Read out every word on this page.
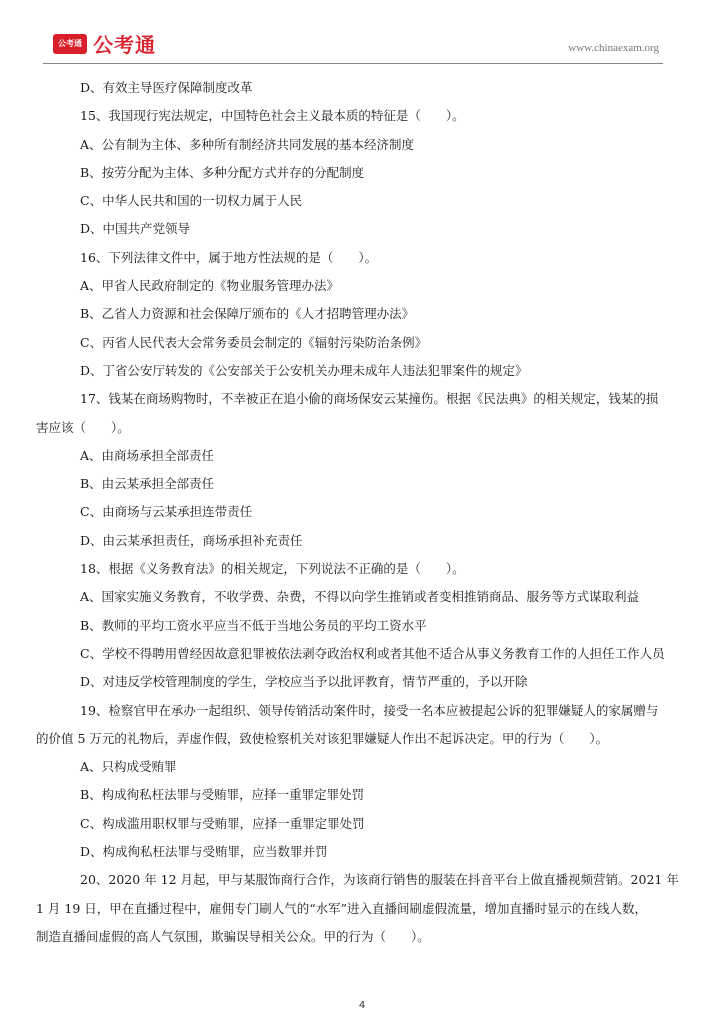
公考通 公考通	www.chinaexam.org
D、有效主导医疗保障制度改革
15、我国现行宪法规定，中国特色社会主义最本质的特征是（　　）。
A、公有制为主体、多种所有制经济共同发展的基本经济制度
B、按劳分配为主体、多种分配方式并存的分配制度
C、中华人民共和国的一切权力属于人民
D、中国共产党领导
16、下列法律文件中，属于地方性法规的是（　　）。
A、甲省人民政府制定的《物业服务管理办法》
B、乙省人力资源和社会保障厅颁布的《人才招聘管理办法》
C、丙省人民代表大会常务委员会制定的《辐射污染防治条例》
D、丁省公安厅转发的《公安部关于公安机关办理未成年人违法犯罪案件的规定》
17、钱某在商场购物时，不幸被正在追小偷的商场保安云某撞伤。根据《民法典》的相关规定，钱某的损
害应该（　　）。
A、由商场承担全部责任
B、由云某承担全部责任
C、由商场与云某承担连带责任
D、由云某承担责任，商场承担补充责任
18、根据《义务教育法》的相关规定，下列说法不正确的是（　　）。
A、国家实施义务教育，不收学费、杂费，不得以向学生推销或者变相推销商品、服务等方式谋取利益
B、教师的平均工资水平应当不低于当地公务员的平均工资水平
C、学校不得聘用曾经因故意犯罪被依法剥夺政治权利或者其他不适合从事义务教育工作的人担任工作人员
D、对违反学校管理制度的学生，学校应当予以批评教育，情节严重的，予以开除
19、检察官甲在承办一起组织、领导传销活动案件时，接受一名本应被提起公诉的犯罪嫌疑人的家属赠与
的价值 5 万元的礼物后，弄虚作假，致使检察机关对该犯罪嫌疑人作出不起诉决定。甲的行为（　　）。
A、只构成受贿罪
B、构成徇私枉法罪与受贿罪，应择一重罪定罪处罚
C、构成滥用职权罪与受贿罪，应择一重罪定罪处罚
D、构成徇私枉法罪与受贿罪，应当数罪并罚
20、2020 年 12 月起，甲与某服饰商行合作，为该商行销售的服装在抖音平台上做直播视频营销。2021 年
1 月 19 日，甲在直播过程中，雇佣专门刷人气的“水军”进入直播间刷虚假流量，增加直播时显示的在线人数，
制造直播间虚假的高人气氛围，欺骗误导相关公众。甲的行为（　　）。
4
